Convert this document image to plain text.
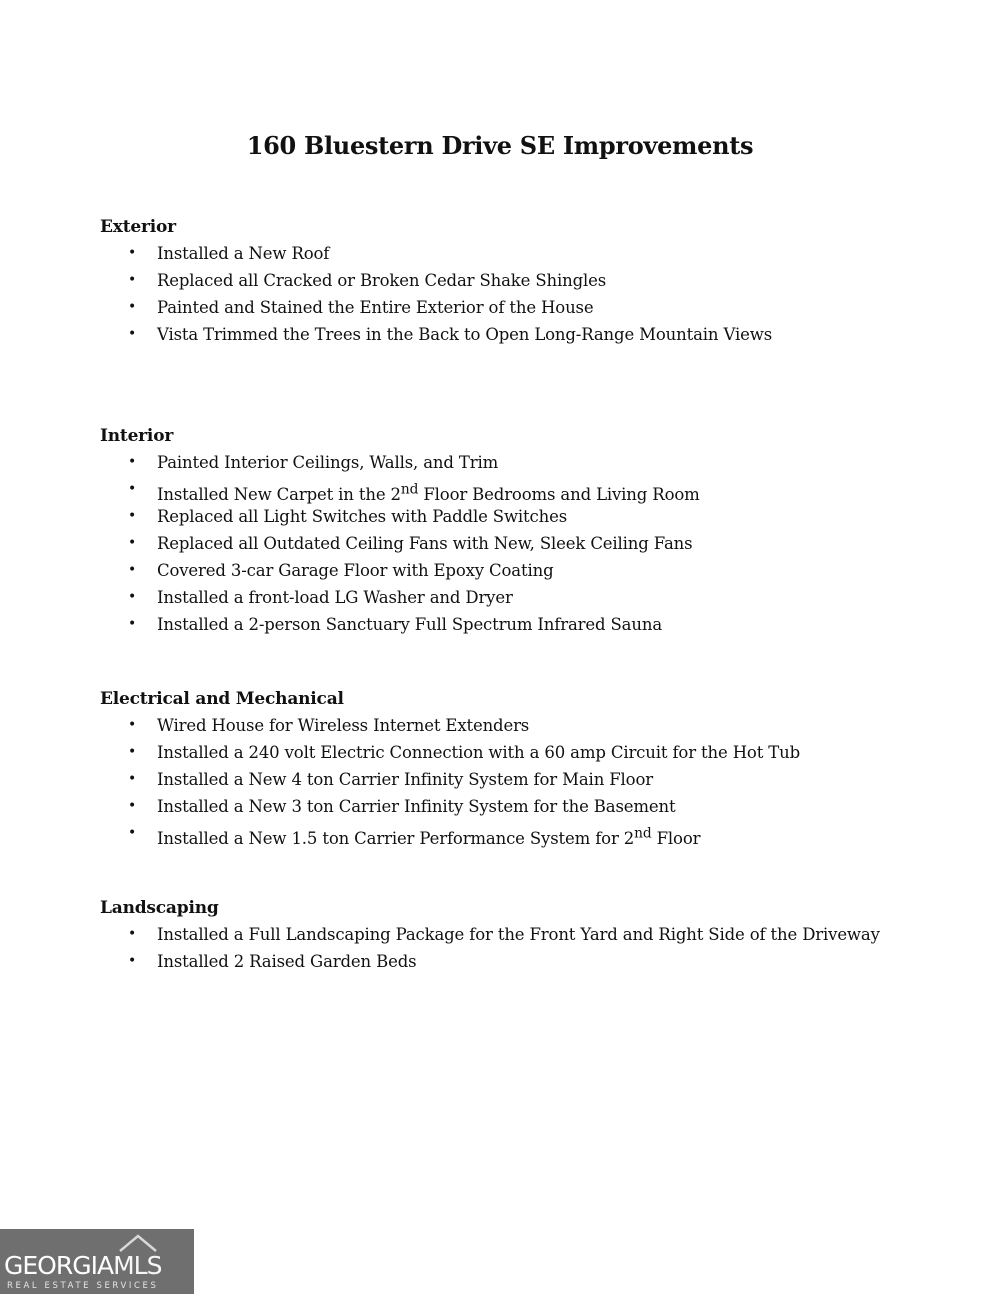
160 Bluestern Drive SE Improvements
Exterior
• Installed a New Roof
• Replaced all Cracked or Broken Cedar Shake Shingles
• Painted and Stained the Entire Exterior of the House
• Vista Trimmed the Trees in the Back to Open Long-Range Mountain Views
Interior
• Painted Interior Ceilings, Walls, and Trim
• Installed New Carpet in the 2nd Floor Bedrooms and Living Room
• Replaced all Light Switches with Paddle Switches
• Replaced all Outdated Ceiling Fans with New, Sleek Ceiling Fans
• Covered 3-car Garage Floor with Epoxy Coating
• Installed a front-load LG Washer and Dryer
• Installed a 2-person Sanctuary Full Spectrum Infrared Sauna
Electrical and Mechanical
• Wired House for Wireless Internet Extenders
• Installed a 240 volt Electric Connection with a 60 amp Circuit for the Hot Tub
• Installed a New 4 ton Carrier Infinity System for Main Floor
• Installed a New 3 ton Carrier Infinity System for the Basement
• Installed a New 1.5 ton Carrier Performance System for 2nd Floor
Landscaping
• Installed a Full Landscaping Package for the Front Yard and Right Side of the Driveway
• Installed 2 Raised Garden Beds
GEORGIAMLS
REAL ESTATE SERVICES
